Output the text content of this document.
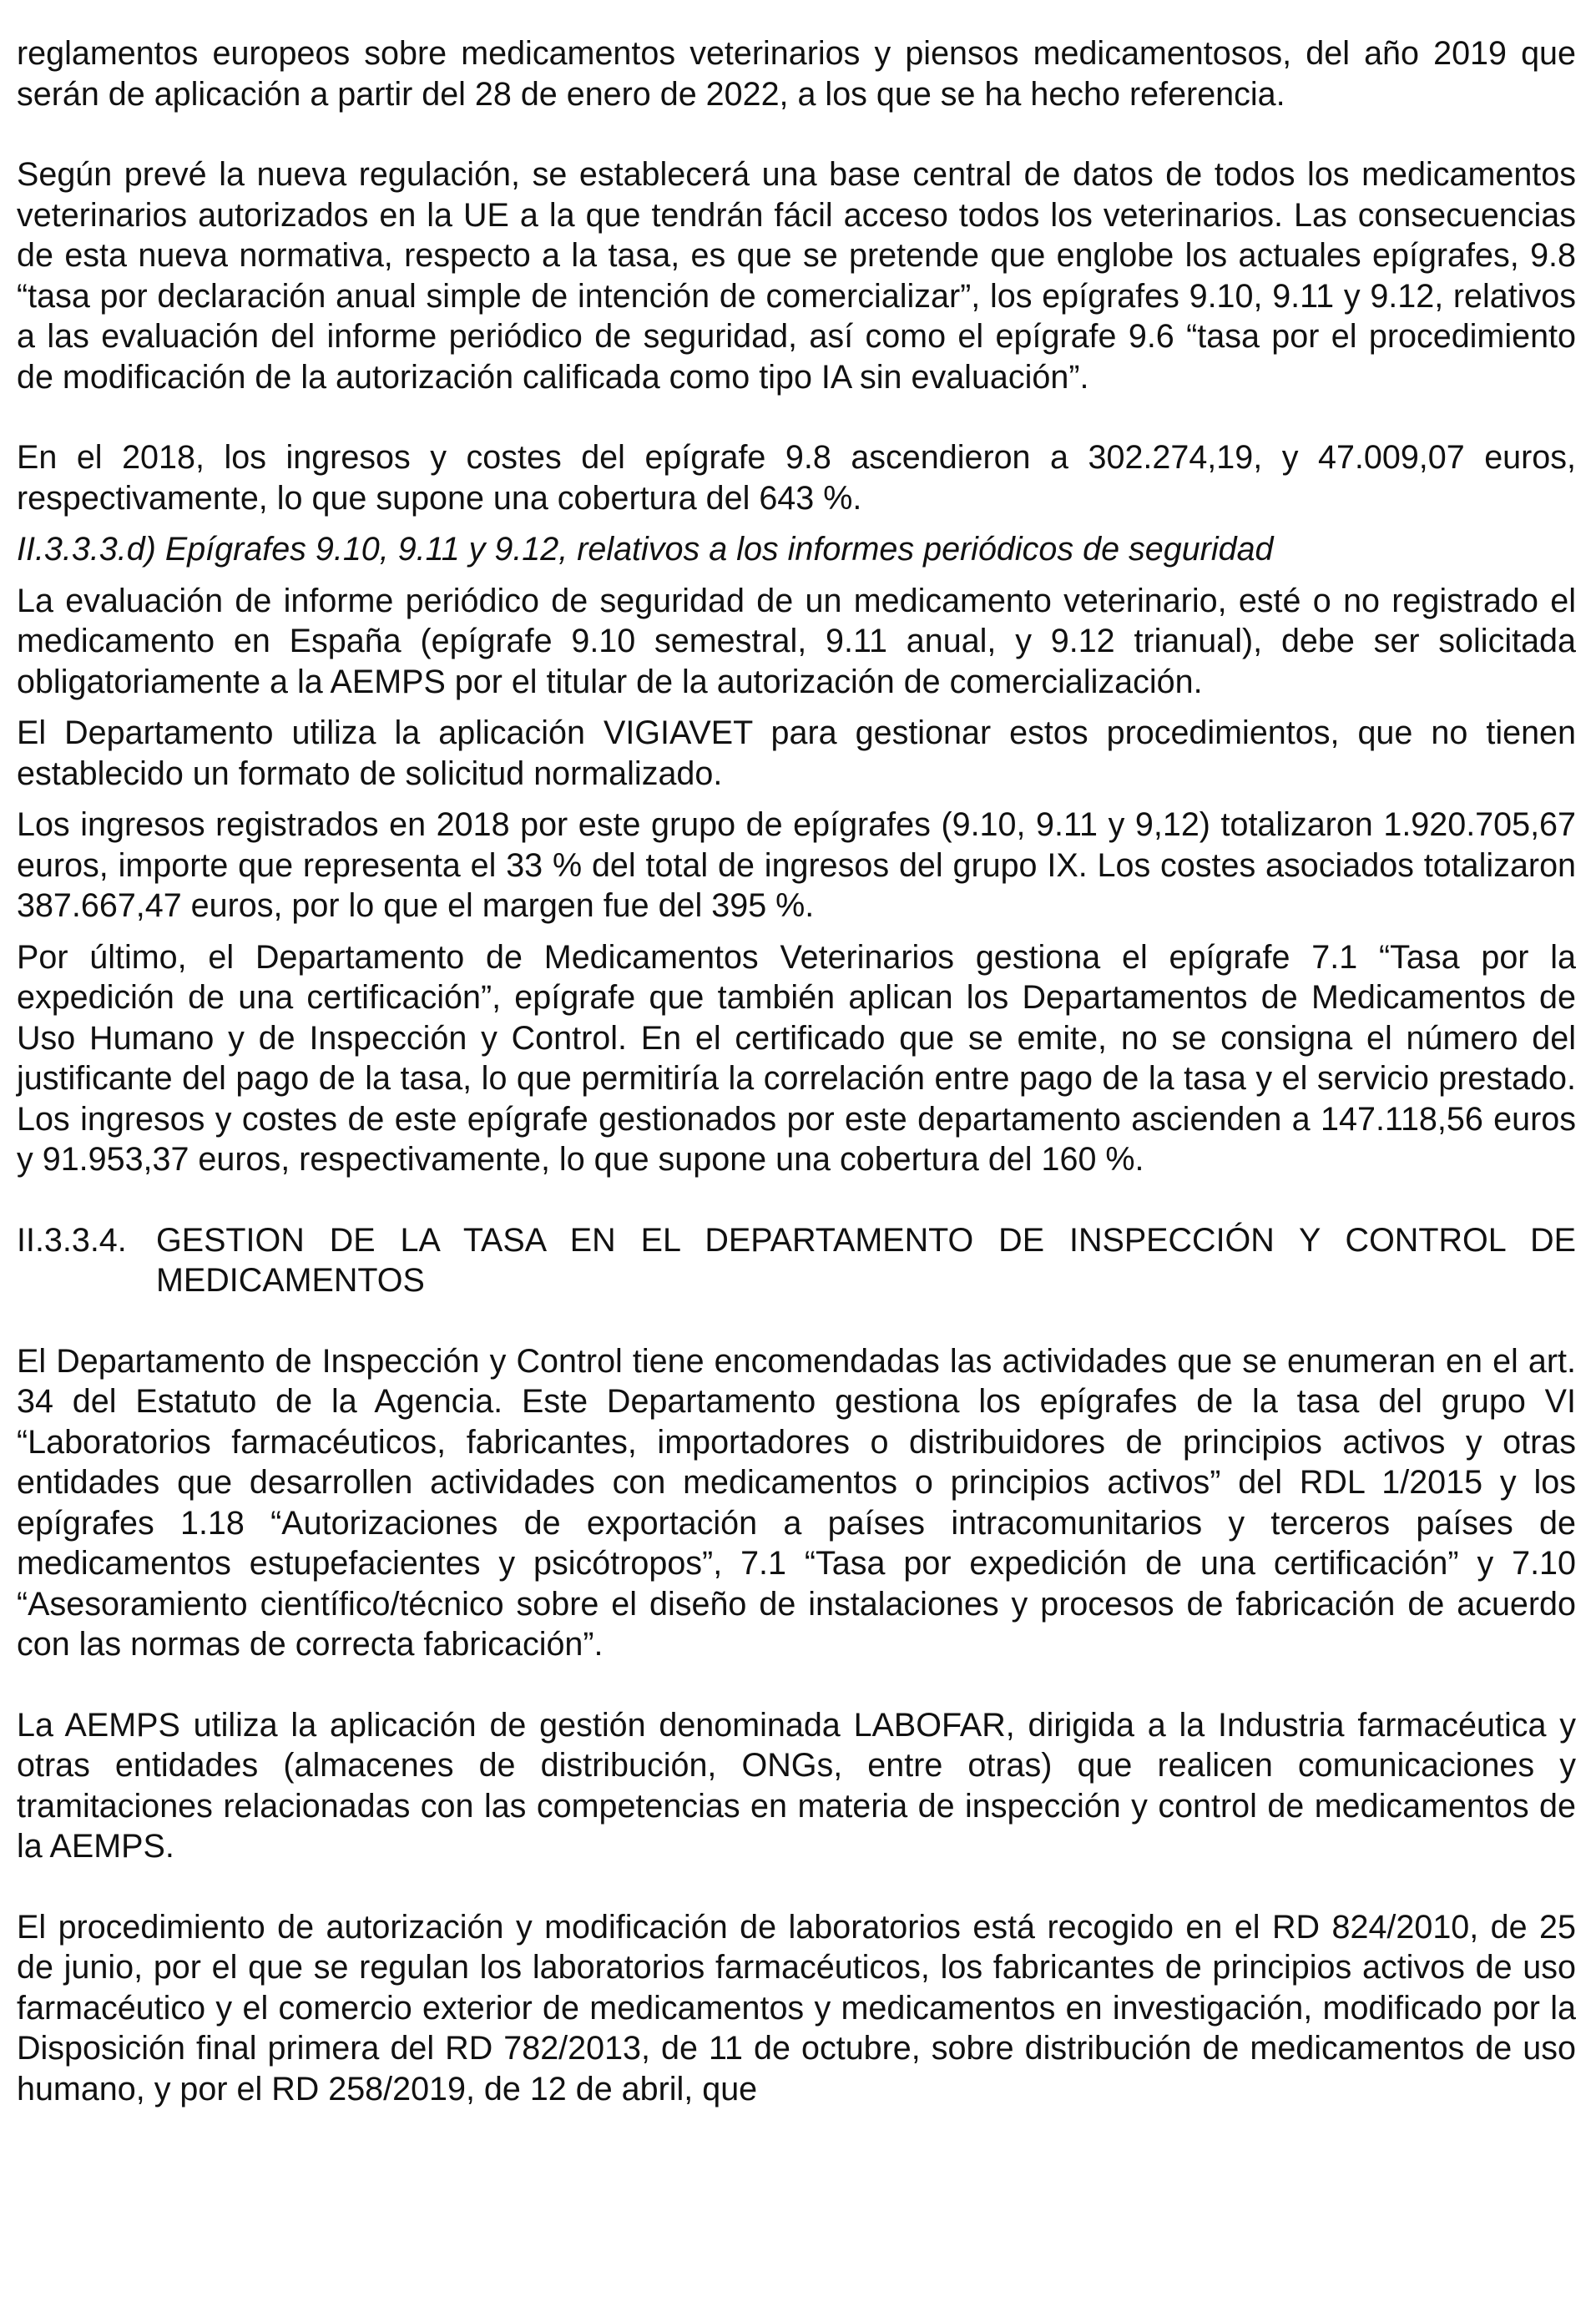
reglamentos europeos sobre medicamentos veterinarios y piensos medicamentosos, del año 2019 que serán de aplicación a partir del 28 de enero de 2022, a los que se ha hecho referencia.

Según prevé la nueva regulación, se establecerá una base central de datos de todos los medicamentos veterinarios autorizados en la UE a la que tendrán fácil acceso todos los veterinarios. Las consecuencias de esta nueva normativa, respecto a la tasa, es que se pretende que englobe los actuales epígrafes, 9.8 “tasa por declaración anual simple de intención de comercializar”, los epígrafes 9.10, 9.11 y 9.12, relativos a las evaluación del informe periódico de seguridad, así como el epígrafe 9.6 “tasa por el procedimiento de modificación de la autorización calificada como tipo IA sin evaluación”.

En el 2018, los ingresos y costes del epígrafe 9.8 ascendieron a 302.274,19, y 47.009,07 euros, respectivamente, lo que supone una cobertura del 643 %.

II.3.3.3.d) Epígrafes 9.10, 9.11 y 9.12, relativos a los informes periódicos de seguridad

La evaluación de informe periódico de seguridad de un medicamento veterinario, esté o no registrado el medicamento en España (epígrafe 9.10 semestral, 9.11 anual, y 9.12 trianual), debe ser solicitada obligatoriamente a la AEMPS por el titular de la autorización de comercialización.

El Departamento utiliza la aplicación VIGIAVET para gestionar estos procedimientos, que no tienen establecido un formato de solicitud normalizado.

Los ingresos registrados en 2018 por este grupo de epígrafes (9.10, 9.11 y 9,12) totalizaron 1.920.705,67 euros, importe que representa el 33 % del total de ingresos del grupo IX. Los costes asociados totalizaron 387.667,47 euros, por lo que el margen fue del 395 %.

Por último, el Departamento de Medicamentos Veterinarios gestiona el epígrafe 7.1 “Tasa por la expedición de una certificación”, epígrafe que también aplican los Departamentos de Medicamentos de Uso Humano y de Inspección y Control. En el certificado que se emite, no se consigna el número del justificante del pago de la tasa, lo que permitiría la correlación entre pago de la tasa y el servicio prestado. Los ingresos y costes de este epígrafe gestionados por este departamento ascienden a 147.118,56 euros y 91.953,37 euros, respectivamente, lo que supone una cobertura del 160 %.

II.3.3.4. GESTION DE LA TASA EN EL DEPARTAMENTO DE INSPECCIÓN Y CONTROL DE MEDICAMENTOS

El Departamento de Inspección y Control tiene encomendadas las actividades que se enumeran en el art. 34 del Estatuto de la Agencia. Este Departamento gestiona los epígrafes de la tasa del grupo VI “Laboratorios farmacéuticos, fabricantes, importadores o distribuidores de principios activos y otras entidades que desarrollen actividades con medicamentos o principios activos” del RDL 1/2015 y los epígrafes 1.18 “Autorizaciones de exportación a países intracomunitarios y terceros países de medicamentos estupefacientes y psicótropos”, 7.1 “Tasa por expedición de una certificación” y 7.10 “Asesoramiento científico/técnico sobre el diseño de instalaciones y procesos de fabricación de acuerdo con las normas de correcta fabricación”.

La AEMPS utiliza la aplicación de gestión denominada LABOFAR, dirigida a la Industria farmacéutica y otras entidades (almacenes de distribución, ONGs, entre otras) que realicen comunicaciones y tramitaciones relacionadas con las competencias en materia de inspección y control de medicamentos de la AEMPS.

El procedimiento de autorización y modificación de laboratorios está recogido en el RD 824/2010, de 25 de junio, por el que se regulan los laboratorios farmacéuticos, los fabricantes de principios activos de uso farmacéutico y el comercio exterior de medicamentos y medicamentos en investigación, modificado por la Disposición final primera del RD 782/2013, de 11 de octubre, sobre distribución de medicamentos de uso humano, y por el RD 258/2019, de 12 de abril, que
